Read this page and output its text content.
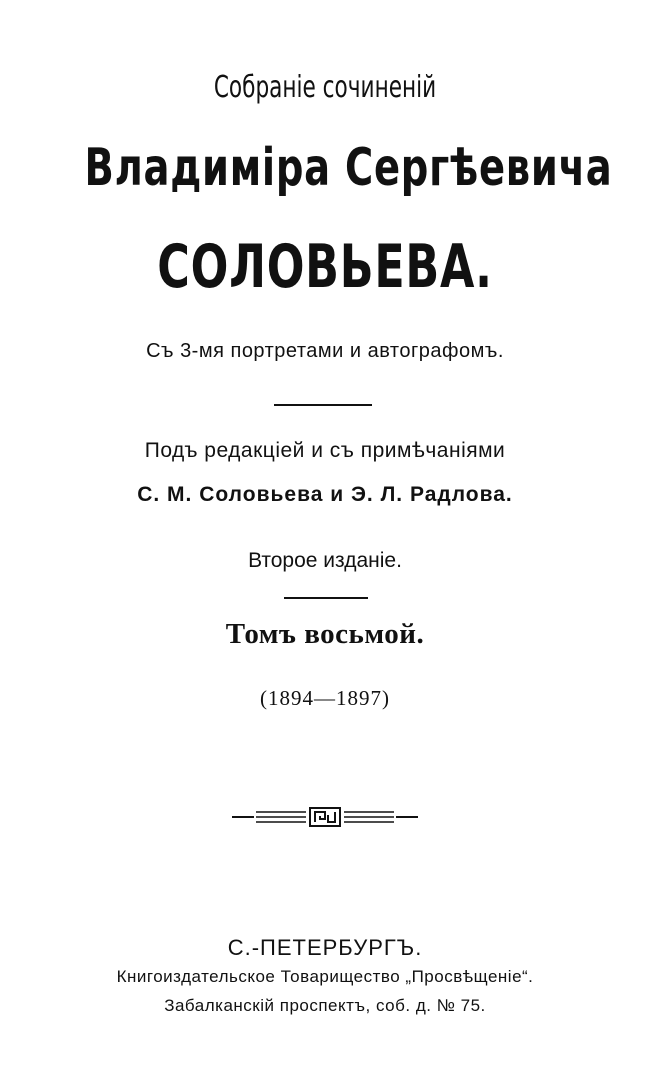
Собраніе сочиненій
Владиміра Сергѣевича
СОЛОВЬЕВА.
Съ 3-мя портретами и автографомъ.
Подъ редакціей и съ примѣчаніями
С. М. Соловьева и Э. Л. Радлова.
Второе изданіе.
Томъ восьмой.
(1894—1897)
С.-ПЕТЕРБУРГЪ.
Книгоиздательское Товарищество „Просвѣщеніе“.
Забалканскій проспектъ, соб. д. № 75.
